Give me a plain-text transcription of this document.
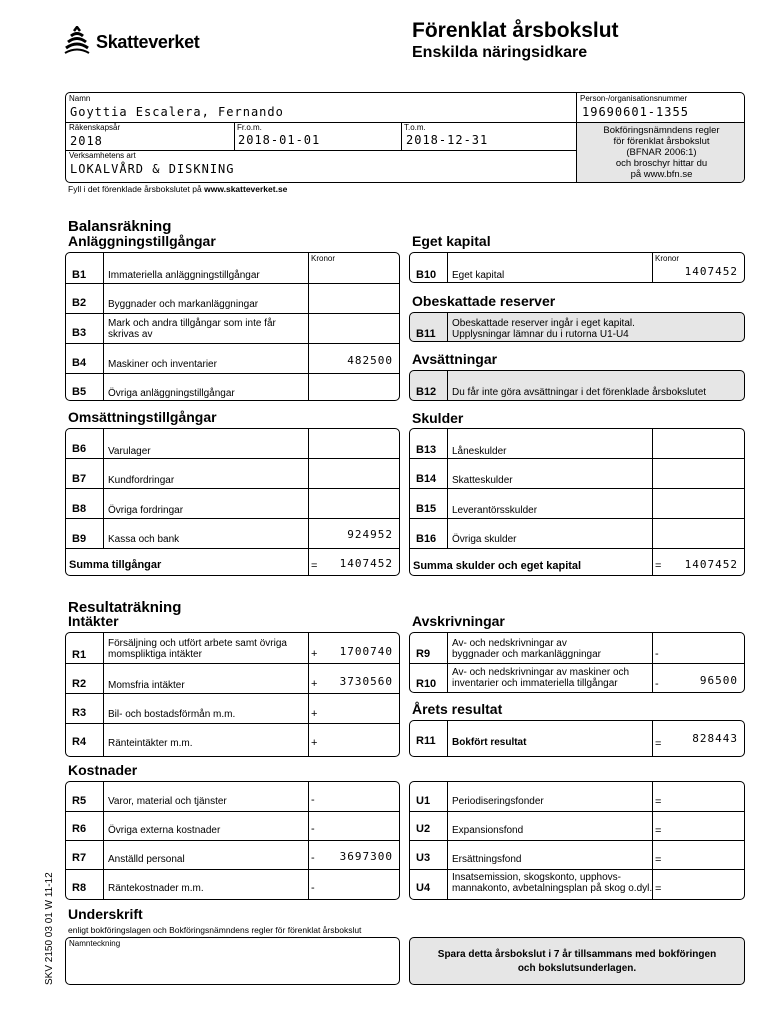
Skatteverket	Förenklat årsbokslut
Enskilda näringsidkare
Namn
Goyttia Escalera, Fernando
Person-/organisationsnummer
19690601-1355
Räkenskapsår
2018
Fr.o.m.
2018-01-01
T.o.m.
2018-12-31
Verksamhetens art
LOKALVÅRD & DISKNING
Bokföringsnämndens regler
för förenklat årsbokslut
(BFNAR 2006:1)
och broschyr hittar du
på www.bfn.se
Fyll i det förenklade årsbokslutet på www.skatteverket.se
Balansräkning
Anläggningstillgångar	Eget kapital
Kronor
B1 Immateriella anläggningstillgångar
B2 Byggnader och markanläggningar
B3
Mark och andra tillgångar som inte får
skrivas av
B4 Maskiner och inventarier	482500
B5 Övriga anläggningstillgångar
Kronor
B10 Eget kapital	1407452
Obeskattade reserver
B11
Obeskattade reserver ingår i eget kapital.
Upplysningar lämnar du i rutorna U1-U4
Avsättningar
B12 Du får inte göra avsättningar i det förenklade årsbokslutet
Omsättningstillgångar
B6 Varulager
B7 Kundfordringar
B8 Övriga fordringar
B9 Kassa och bank	924952
Summa tillgångar	= 1407452
Skulder
B13 Låneskulder
B14 Skatteskulder
B15 Leverantörsskulder
B16 Övriga skulder
Summa skulder och eget kapital	= 1407452
Resultaträkning
Intäkter	Avskrivningar
R1
Försäljning och utfört arbete samt övriga
momspliktiga intäkter	+ 1700740
R2 Momsfria intäkter	+ 3730560
R3 Bil- och bostadsförmån m.m.	+
R4 Ränteintäkter m.m.	+
R9
Av- och nedskrivningar av
byggnader och markanläggningar	-
R10
Av- och nedskrivningar av maskiner och
inventarier och immateriella tillgångar	-	96500
Årets resultat
R11 Bokfört resultat	=	828443
Kostnader
R5 Varor, material och tjänster	-
R6 Övriga externa kostnader	-
R7 Anställd personal	- 3697300
R8 Räntekostnader m.m.	-
U1 Periodiseringsfonder	=
U2 Expansionsfond	=
U3 Ersättningsfond	=
U4
Insatsemission, skogskonto, upphovs-
mannakonto, avbetalningsplan på skog o.dyl. =
Underskrift
enligt bokföringslagen och Bokföringsnämndens regler för förenklat årsbokslut
Namnteckning
Spara detta årsbokslut i 7 år tillsammans med bokföringen
och bokslutsunderlagen.
SKV 2150 03 01 W 11-12
